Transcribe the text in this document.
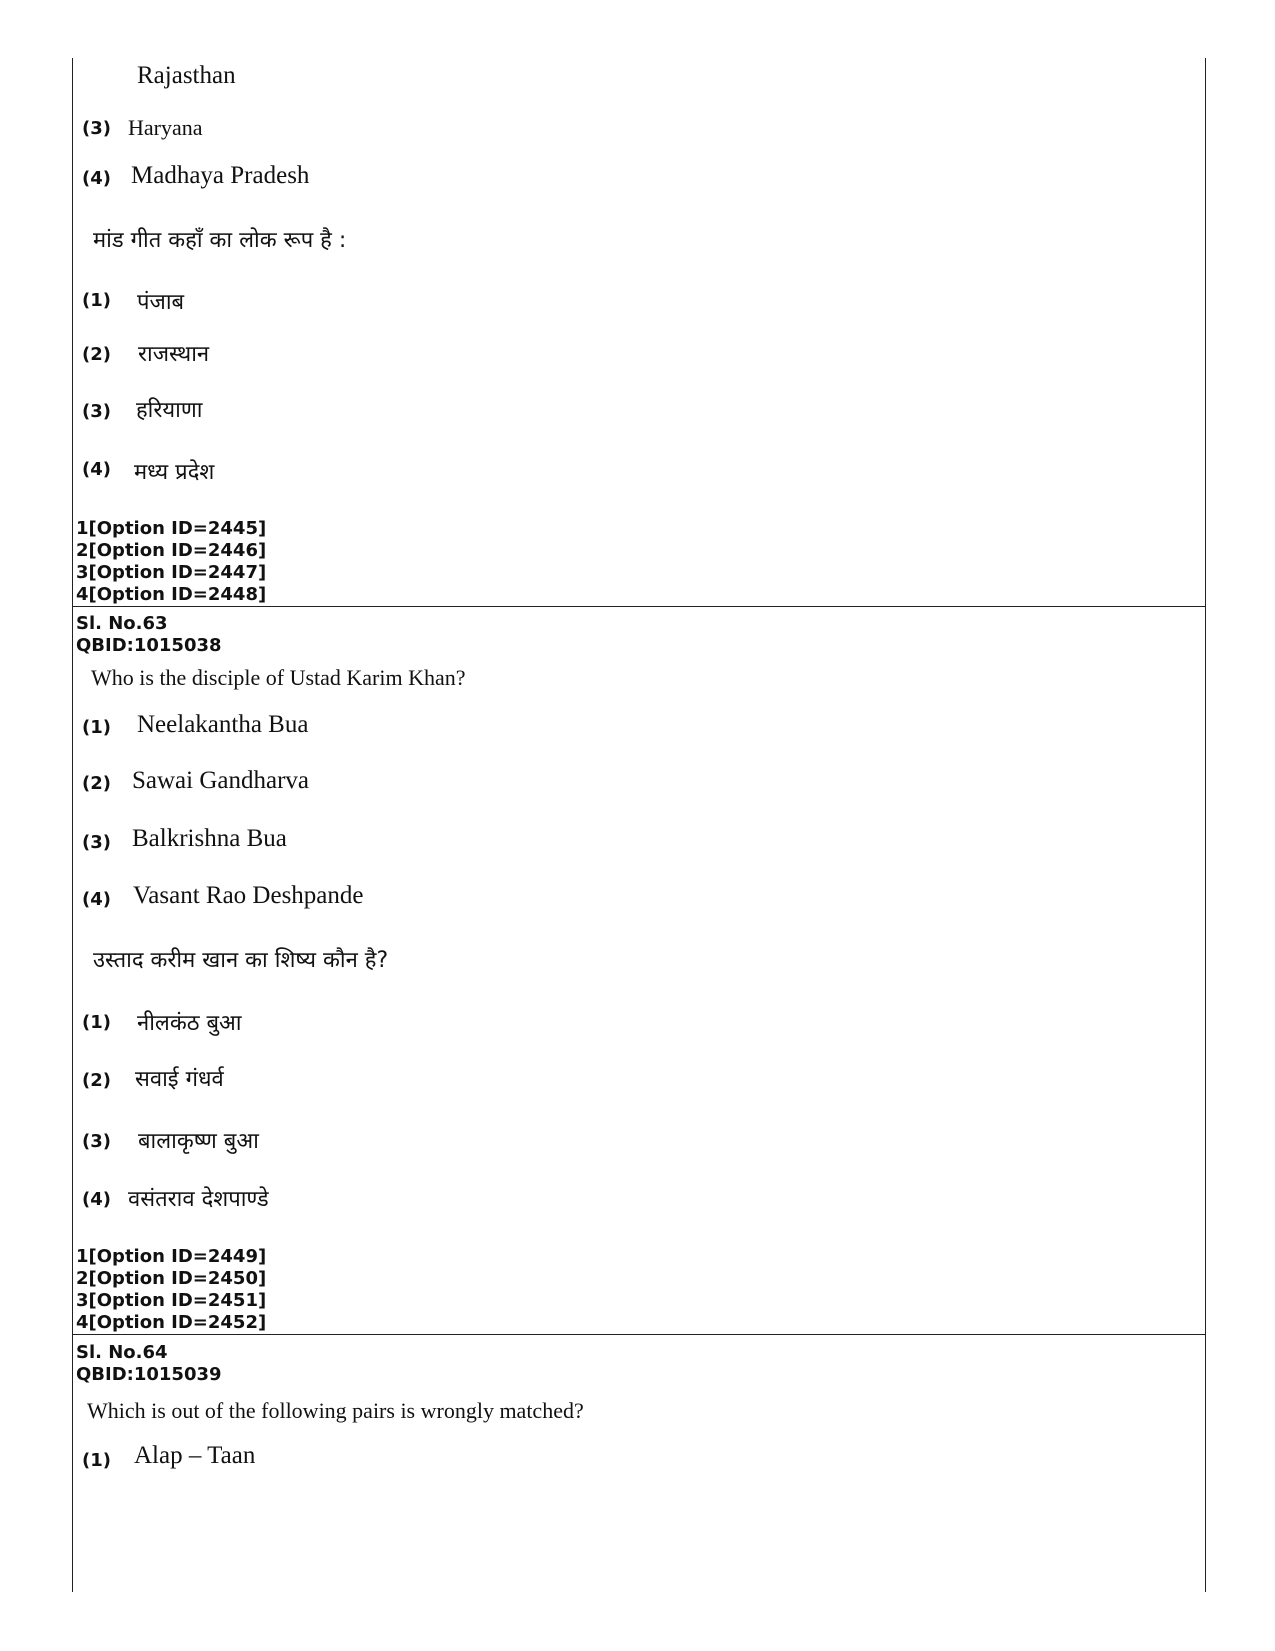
Rajasthan
(3) Haryana
(4) Madhaya Pradesh
मांड गीत कहाँ का लोक रूप है :
(1) पंजाब
(2) राजस्थान
(3) हरियाणा
(4) मध्य प्रदेश
1[Option ID=2445]
2[Option ID=2446]
3[Option ID=2447]
4[Option ID=2448]
Sl. No.63
QBID:1015038
Who is the disciple of Ustad Karim Khan?
(1) Neelakantha Bua
(2) Sawai Gandharva
(3) Balkrishna Bua
(4) Vasant Rao Deshpande
उस्ताद करीम खान का शिष्य कौन है?
(1) नीलकंठ बुआ
(2) सवाई गंधर्व
(3) बालाकृष्ण बुआ
(4) वसंतराव देशपाण्डे
1[Option ID=2449]
2[Option ID=2450]
3[Option ID=2451]
4[Option ID=2452]
Sl. No.64
QBID:1015039
Which is out of the following pairs is wrongly matched?
(1) Alap – Taan
